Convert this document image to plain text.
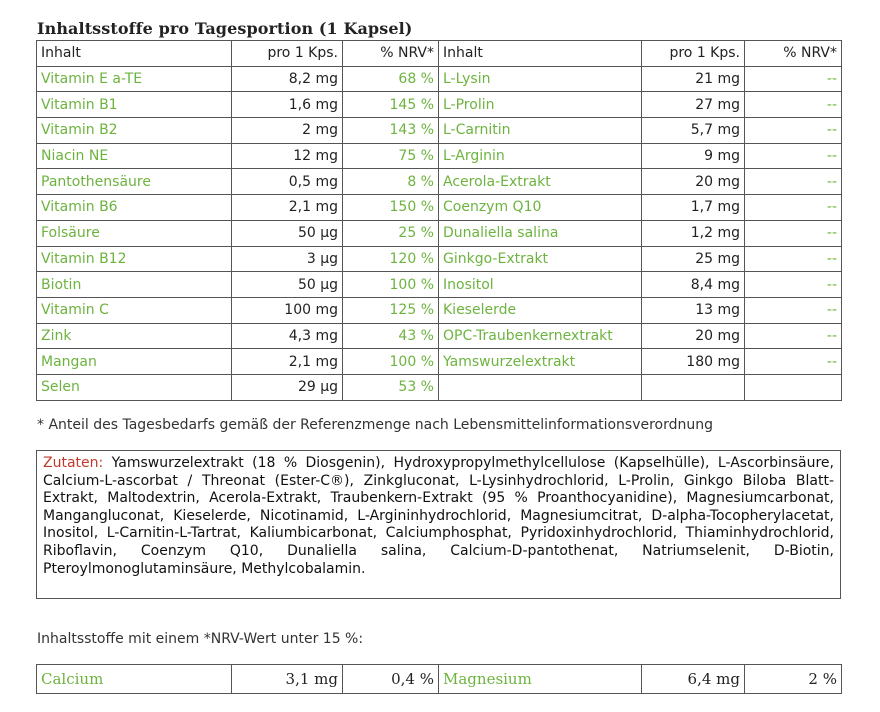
Inhaltsstoffe pro Tagesportion (1 Kapsel)
Inhalt	pro 1 Kps.	% NRV*	Inhalt	pro 1 Kps.	% NRV*
Vitamin E a-TE	8,2 mg	68 %	L-Lysin	21 mg	--
Vitamin B1	1,6 mg	145 %	L-Prolin	27 mg	--
Vitamin B2	2 mg	143 %	L-Carnitin	5,7 mg	--
Niacin NE	12 mg	75 %	L-Arginin	9 mg	--
Pantothensäure	0,5 mg	8 %	Acerola-Extrakt	20 mg	--
Vitamin B6	2,1 mg	150 %	Coenzym Q10	1,7 mg	--
Folsäure	50 µg	25 %	Dunaliella salina	1,2 mg	--
Vitamin B12	3 µg	120 %	Ginkgo-Extrakt	25 mg	--
Biotin	50 µg	100 %	Inositol	8,4 mg	--
Vitamin C	100 mg	125 %	Kieselerde	13 mg	--
Zink	4,3 mg	43 %	OPC-Traubenkernextrakt	20 mg	--
Mangan	2,1 mg	100 %	Yamswurzelextrakt	180 mg	--
Selen	29 µg	53 %			
* Anteil des Tagesbedarfs gemäß der Referenzmenge nach Lebensmittelinformationsverordnung
Zutaten: Yamswurzelextrakt (18 % Diosgenin), Hydroxypropylmethylcellulose (Kapselhülle), L-Ascorbinsäure, Calcium-L-ascorbat / Threonat (Ester-C®), Zinkgluconat, L-Lysinhydrochlorid, L-Prolin, Ginkgo Biloba Blatt-Extrakt, Maltodextrin, Acerola-Extrakt, Traubenkern-Extrakt (95 % Proanthocyanidine), Magnesiumcarbonat, Mangangluconat, Kieselerde, Nicotinamid, L-Argininhydrochlorid, Magnesiumcitrat, D-alpha-Tocopherylacetat, Inositol, L-Carnitin-L-Tartrat, Kaliumbicarbonat, Calciumphosphat, Pyridoxinhydrochlorid, Thiaminhydrochlorid, Riboflavin, Coenzym Q10, Dunaliella salina, Calcium-D-pantothenat, Natriumselenit, D-Biotin, Pteroylmonoglutaminsäure, Methylcobalamin.
Inhaltsstoffe mit einem *NRV-Wert unter 15 %:
Calcium	3,1 mg	0,4 %	Magnesium	6,4 mg	2 %
